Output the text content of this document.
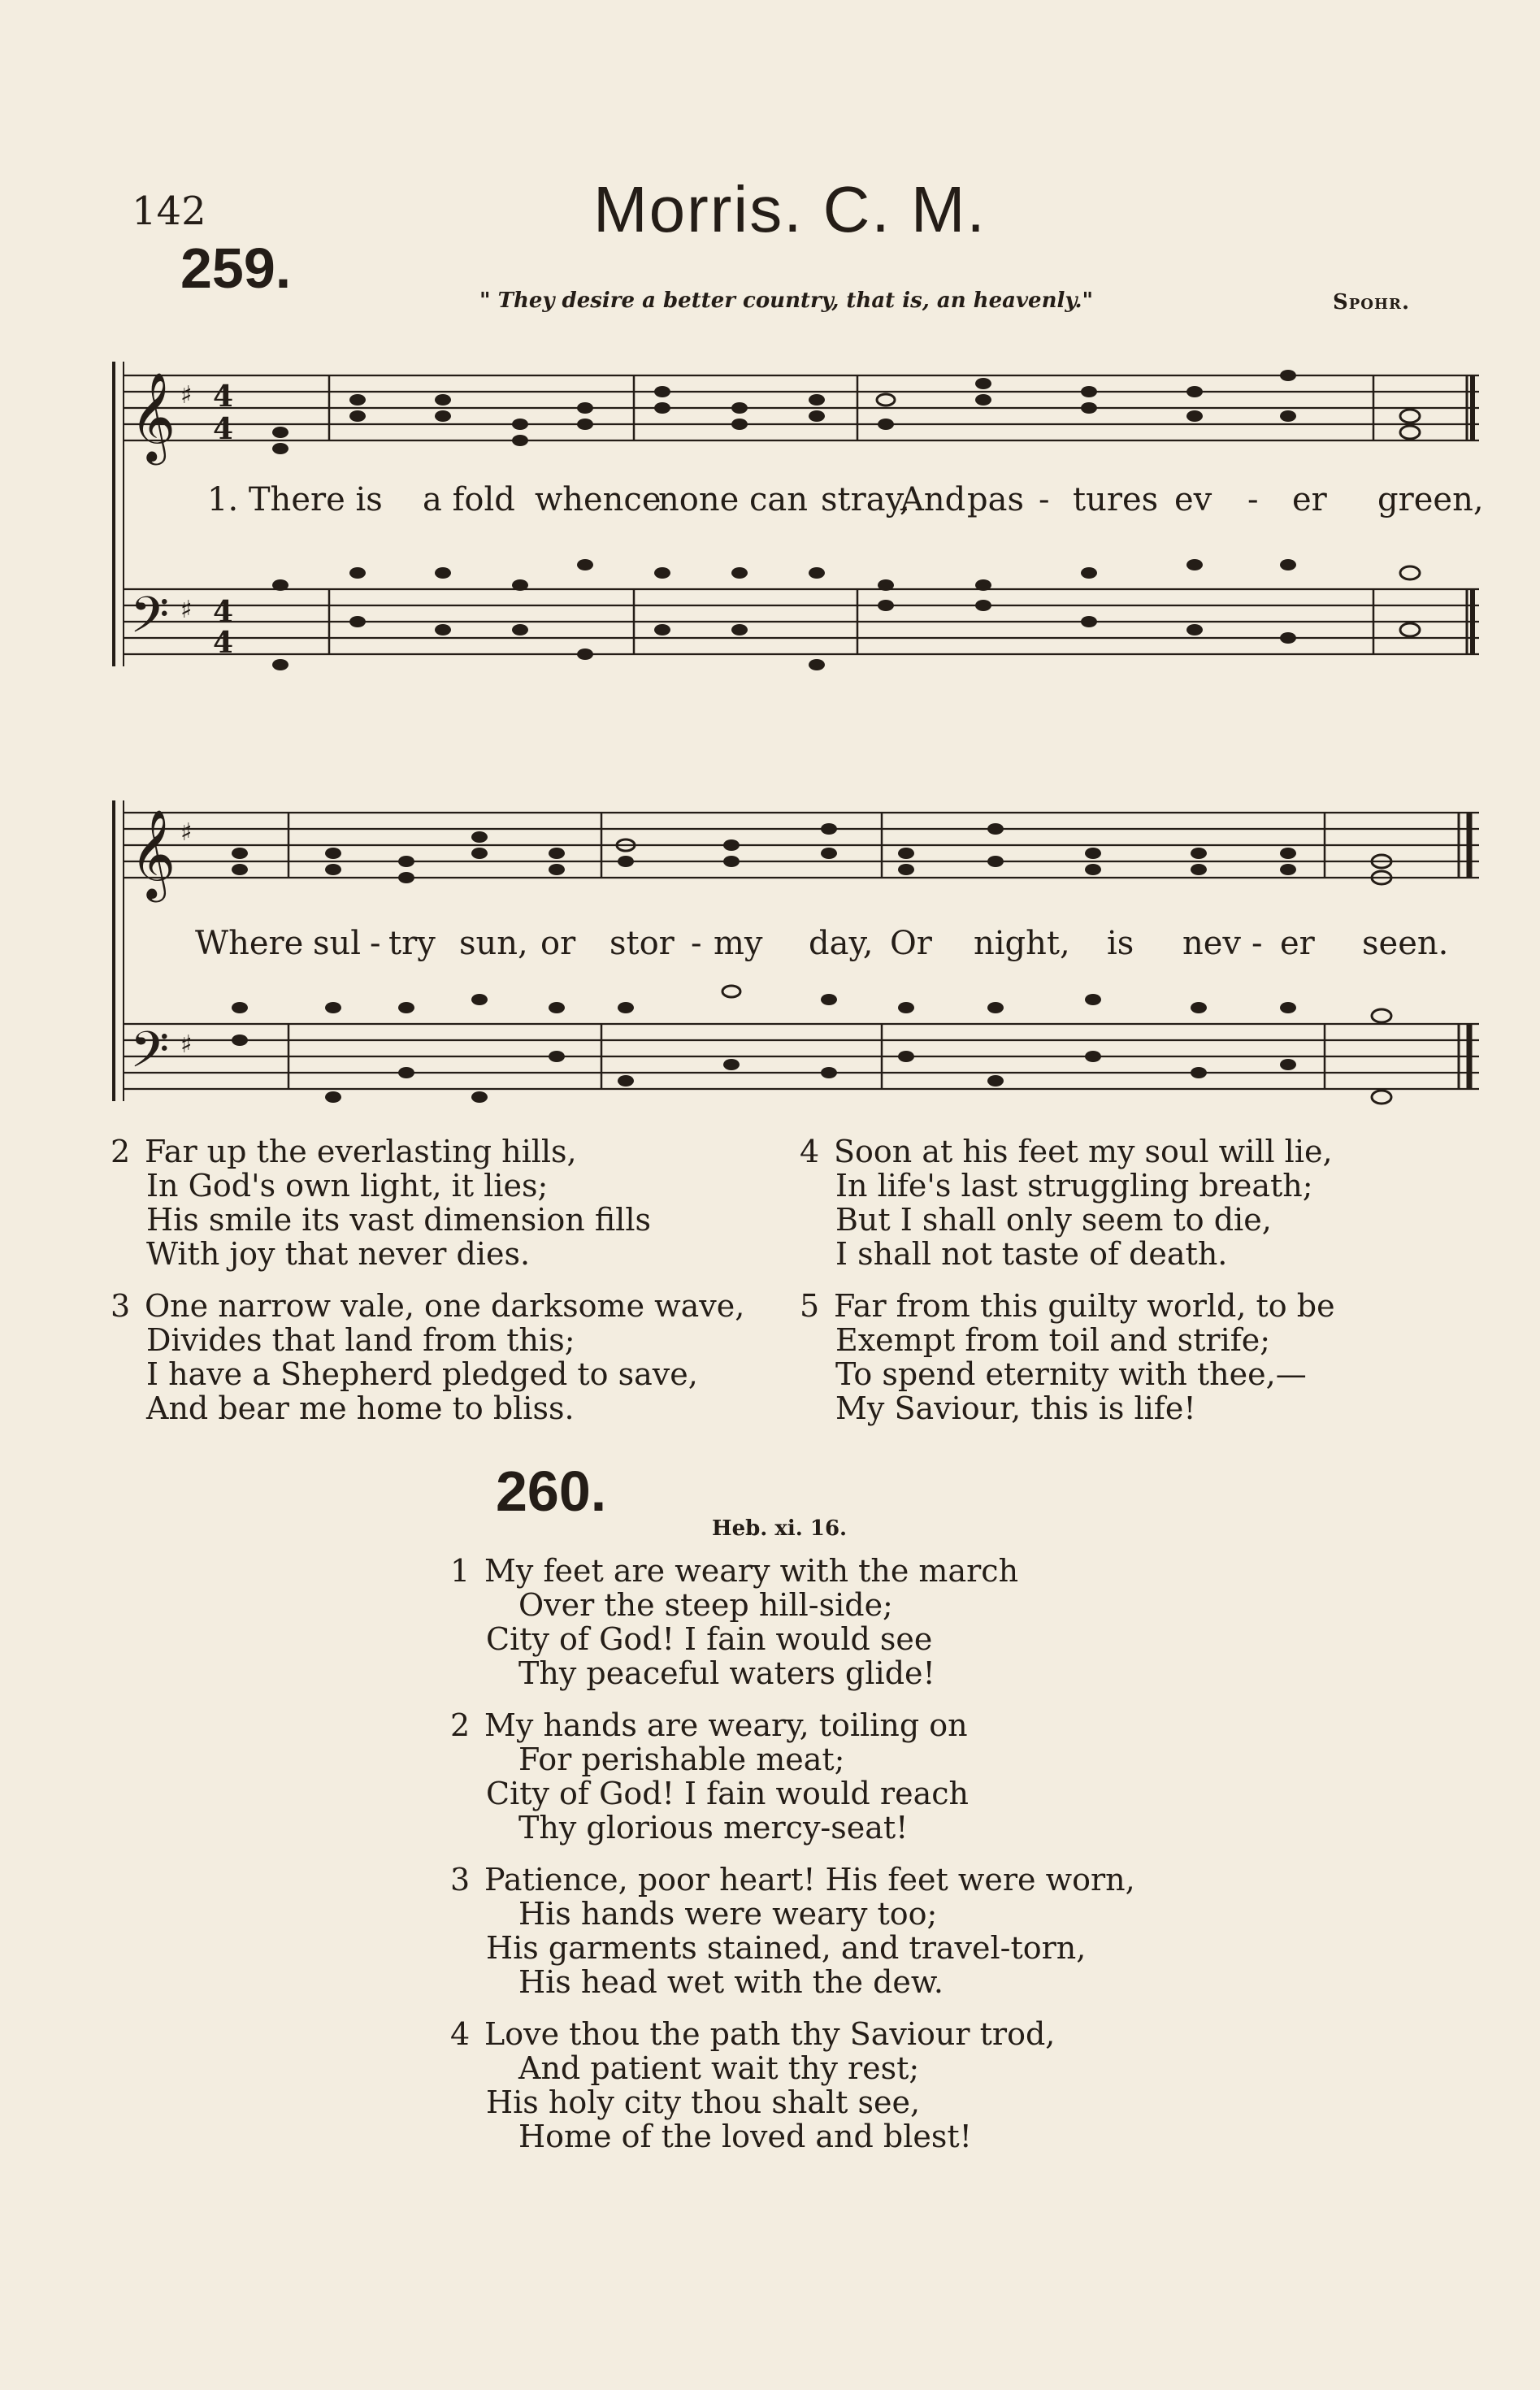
142	Morris. C. M.
259.
" They desire a better country, that is, an heavenly."	Spohr.
𝄞 ♯ 4
4
𝄢 ♯ 4
4
𝄞 ♯
𝄢 ♯
1. There is a fold whence
none can stray,
And pas - tures ev - er green,
Where sul - try sun, or stor - my day, Or night, is nev - er seen.
2 Far up the everlasting hills,
In God's own light, it lies;
His smile its vast dimension fills
With joy that never dies.
3 One narrow vale, one darksome wave,
Divides that land from this;
I have a Shepherd pledged to save,
And bear me home to bliss.
4 Soon at his feet my soul will lie,
In life's last struggling breath;
But I shall only seem to die,
I shall not taste of death.
5 Far from this guilty world, to be
Exempt from toil and strife;
To spend eternity with thee,—
My Saviour, this is life!
260.
Heb. xi. 16.
1 My feet are weary with the march
Over the steep hill-side;
City of God! I fain would see
Thy peaceful waters glide!
2 My hands are weary, toiling on
For perishable meat;
City of God! I fain would reach
Thy glorious mercy-seat!
3 Patience, poor heart! His feet were worn,
His hands were weary too;
His garments stained, and travel-torn,
His head wet with the dew.
4 Love thou the path thy Saviour trod,
And patient wait thy rest;
His holy city thou shalt see,
Home of the loved and blest!
